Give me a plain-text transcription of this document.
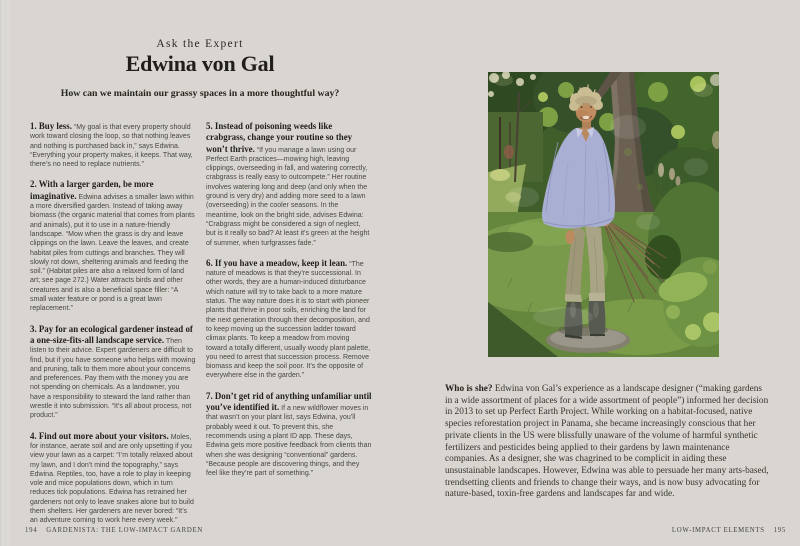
Ask the Expert
Edwina von Gal

How can we maintain our grassy spaces in a more thoughtful way?

1. Buy less. “My goal is that every property should work toward closing the loop, so that nothing leaves and nothing is purchased back in,” says Edwina. “Everything your property makes, it keeps. That way, there’s no need to replace nutrients.”

2. With a larger garden, be more imaginative. Edwina advises a smaller lawn within a more diversified garden. Instead of taking away biomass (the organic material that comes from plants and animals), put it to use in a nature-friendly landscape. “Mow when the grass is dry and leave clippings on the lawn. Leave the leaves, and create habitat piles from cuttings and branches. They will slowly rot down, sheltering animals and feeding the soil.” (Habitat piles are also a relaxed form of land art; see page 272.) Water attracts birds and other creatures and is also a beneficial space filler: “A small water feature or pond is a great lawn replacement.”

3. Pay for an ecological gardener instead of a one-size-fits-all landscape service. Then listen to their advice. Expert gardeners are difficult to find, but if you have someone who helps with mowing and pruning, talk to them more about your concerns and preferences. Pay them with the money you are not spending on chemicals. As a landowner, you have a responsibility to steward the land rather than wrestle it into submission. “It’s all about process, not product.”

4. Find out more about your visitors. Moles, for instance, aerate soil and are only upsetting if you view your lawn as a carpet: “I’m totally relaxed about my lawn, and I don’t mind the topography,” says Edwina. Reptiles, too, have a role to play in keeping vole and mice populations down, which in turn reduces tick populations. Edwina has retrained her gardeners not only to leave snakes alone but to build them shelters. Her gardeners are never bored: “It’s an adventure coming to work here every week.”

5. Instead of poisoning weeds like crabgrass, change your routine so they won’t thrive. “If you manage a lawn using our Perfect Earth practices—mowing high, leaving clippings, overseeding in fall, and watering correctly, crabgrass is really easy to outcompete.” Her routine involves watering long and deep (and only when the ground is very dry) and adding more seed to a lawn (overseeding) in the cooler seasons. In the meantime, look on the bright side, advises Edwina: “Crabgrass might be considered a sign of neglect, but is it really so bad? At least it’s green at the height of summer, when turfgrasses fade.”

6. If you have a meadow, keep it lean. “The nature of meadows is that they’re successional. In other words, they are a human-induced disturbance which nature will try to take back to a more mature status. The way nature does it is to start with pioneer plants that thrive in poor soils, enriching the land for the next generation through their decomposition, and to keep moving up the succession ladder toward climax plants. To keep a meadow from moving toward a totally different, usually woody plant palette, you need to arrest that succession process. Remove biomass and keep the soil poor. It’s the opposite of everywhere else in the garden.”

7. Don’t get rid of anything unfamiliar until you’ve identified it. If a new wildflower moves in that wasn’t on your plant list, says Edwina, you’ll probably weed it out. To prevent this, she recommends using a plant ID app. These days, Edwina gets more positive feedback from clients than when she was designing “conventional” gardens. “Because people are discovering things, and they feel like they’re part of something.”

194 GARDENISTA: THE LOW-IMPACT GARDEN

Who is she? Edwina von Gal’s experience as a landscape designer (“making gardens in a wide assortment of places for a wide assortment of people”) informed her decision in 2013 to set up Perfect Earth Project. While working on a habitat-focused, native species reforestation project in Panama, she became increasingly conscious that her private clients in the US were blissfully unaware of the volume of harmful synthetic fertilizers and pesticides being applied to their gardens by lawn maintenance companies. As a designer, she was chagrined to be complicit in aiding these unsustainable landscapes. However, Edwina was able to persuade her many arts-based, trendsetting clients and friends to change their ways, and is now busy advocating for nature-based, toxin-free gardens and landscapes far and wide.

LOW-IMPACT ELEMENTS 195
